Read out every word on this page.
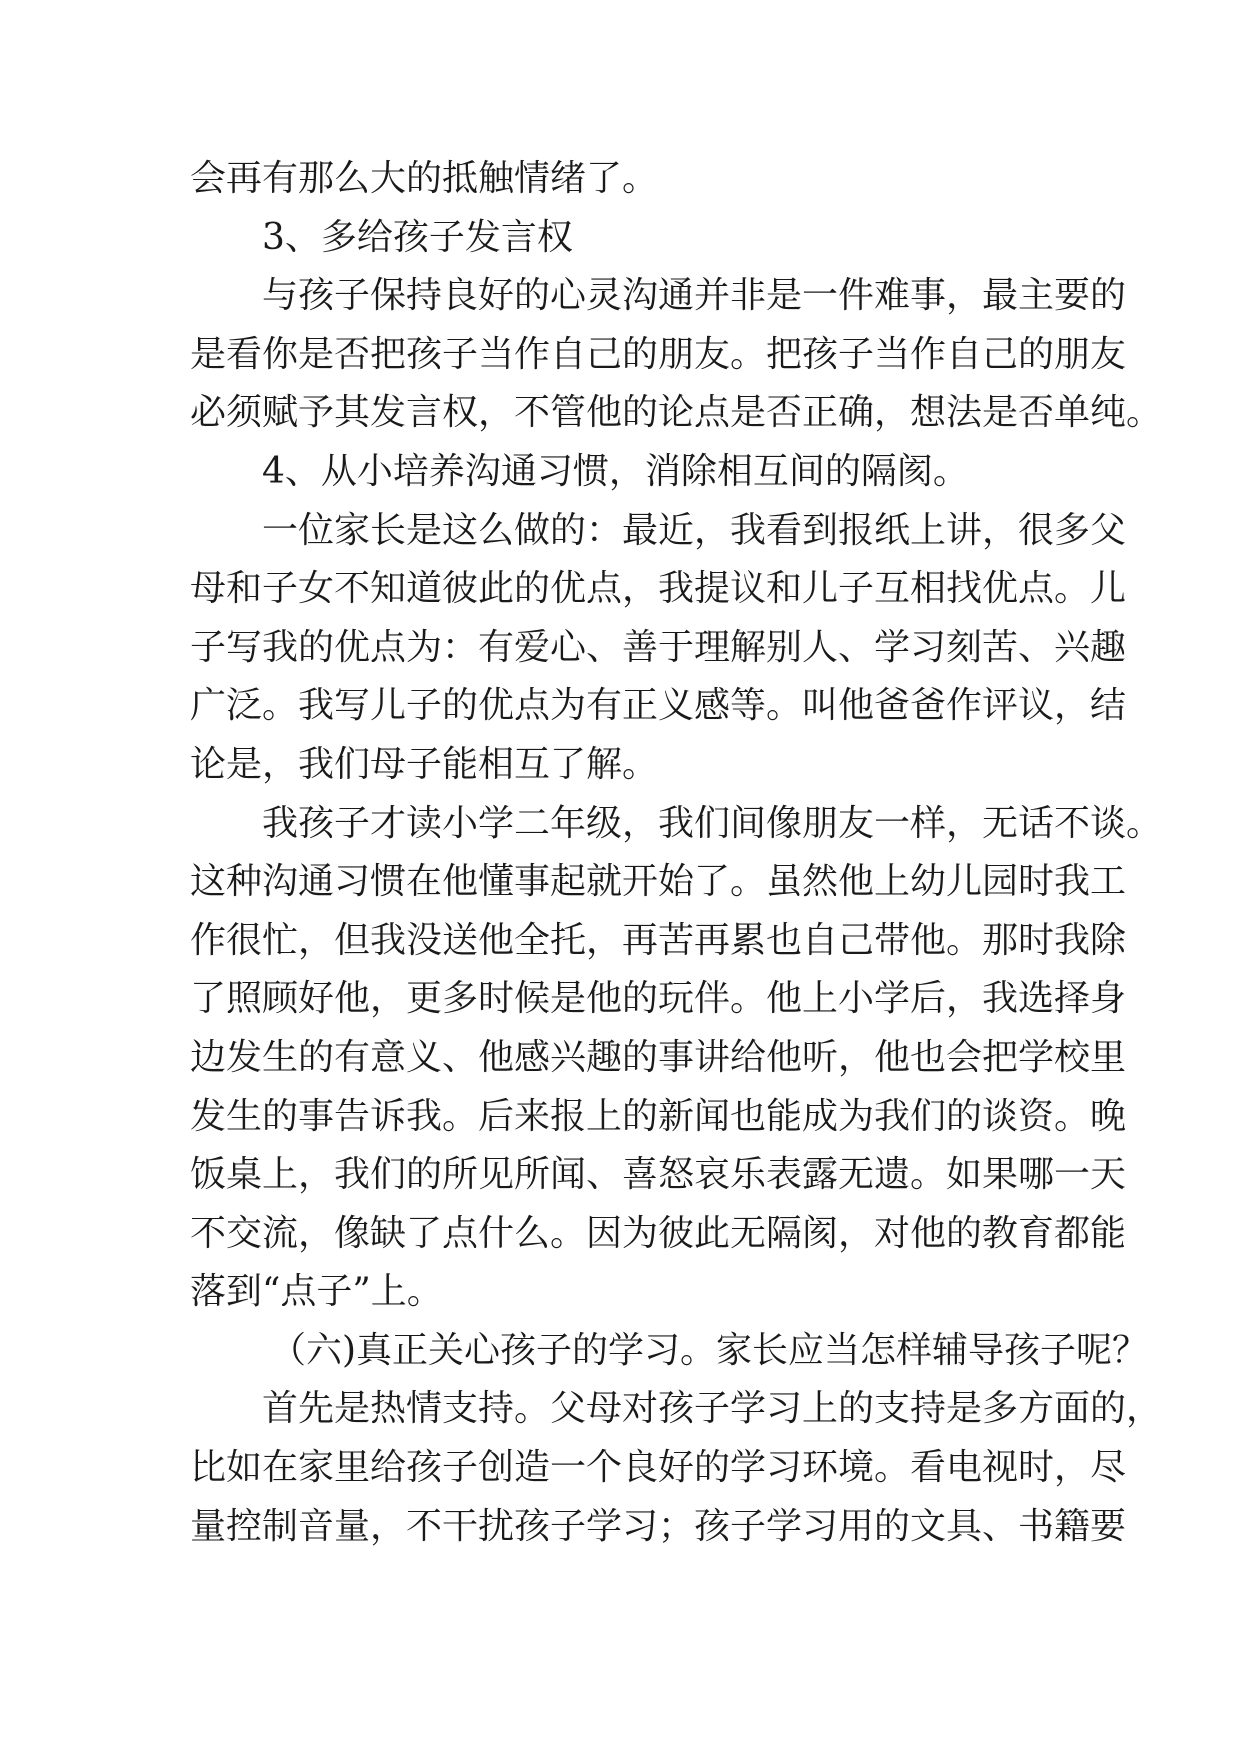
会再有那么大的抵触情绪了。
3、多给孩子发言权
与孩子保持良好的心灵沟通并非是一件难事，最主要的
是看你是否把孩子当作自己的朋友。把孩子当作自己的朋友
必须赋予其发言权，不管他的论点是否正确，想法是否单纯。
4、从小培养沟通习惯，消除相互间的隔阂。
一位家长是这么做的：最近，我看到报纸上讲，很多父
母和子女不知道彼此的优点，我提议和儿子互相找优点。儿
子写我的优点为：有爱心、善于理解别人、学习刻苦、兴趣
广泛。我写儿子的优点为有正义感等。叫他爸爸作评议，结
论是，我们母子能相互了解。
我孩子才读小学二年级，我们间像朋友一样，无话不谈。
这种沟通习惯在他懂事起就开始了。虽然他上幼儿园时我工
作很忙，但我没送他全托，再苦再累也自己带他。那时我除
了照顾好他，更多时候是他的玩伴。他上小学后，我选择身
边发生的有意义、他感兴趣的事讲给他听，他也会把学校里
发生的事告诉我。后来报上的新闻也能成为我们的谈资。晚
饭桌上，我们的所见所闻、喜怒哀乐表露无遗。如果哪一天
不交流，像缺了点什么。因为彼此无隔阂，对他的教育都能
落到“点子”上。
（六)真正关心孩子的学习。家长应当怎样辅导孩子呢？
首先是热情支持。父母对孩子学习上的支持是多方面的，
比如在家里给孩子创造一个良好的学习环境。看电视时，尽
量控制音量，不干扰孩子学习；孩子学习用的文具、书籍要
